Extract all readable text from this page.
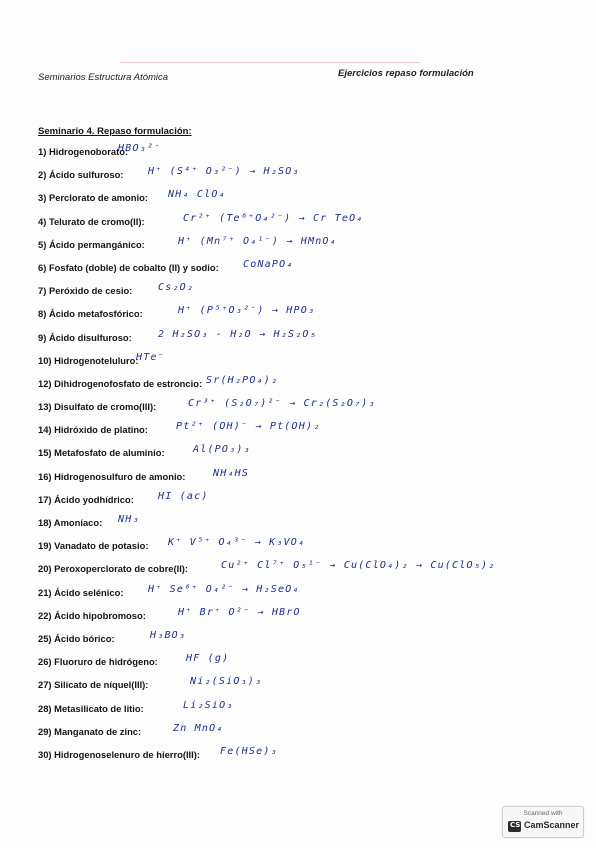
Seminarios Estructura Atómica	Ejercicios repaso formulación
Seminario 4. Repaso formulación:
1) Hidrogenoborato:
HBO₃²⁻
2) Ácido sulfuroso: H⁺ (S⁴⁺ O₃²⁻) → H₂SO₃
3) Perclorato de amonio: NH₄ ClO₄
4) Telurato de cromo(II):	Cr²⁺ (Te⁶⁺O₄²⁻) → Cr TeO₄
5) Ácido permangánico:	H⁺ (Mn⁷⁺ O₄¹⁻) → HMnO₄
6) Fosfato (doble) de cobalto (II) y sodio: CoNaPO₄
7) Peróxido de cesio:	Cs₂O₂
8) Ácido metafosfórico:	H⁺ (P⁵⁺O₃²⁻) → HPO₃
9) Ácido disulfuroso:	2 H₂SO₃ - H₂O → H₂S₂O₅
10) Hidrogenoteluluro:
HTe⁻
12) Dihidrogenofosfato de estroncio: Sr(H₂PO₄)₂
13) Disulfato de cromo(III):	Cr³⁺ (S₂O₇)²⁻ → Cr₂(S₂O₇)₃
14) Hidróxido de platino:	Pt²⁺ (OH)⁻ → Pt(OH)₂
15) Metafosfato de aluminio:	Al(PO₃)₃
16) Hidrogenosulfuro de amonio:	NH₄HS
17) Ácido yodhídrico: HI (ac)
18) Amoníaco: NH₃
19) Vanadato de potasio: K⁺ V⁵⁺ O₄³⁻ → K₃VO₄
20) Peroxoperclorato de cobre(II):	Cu²⁺ Cl⁷⁺ O₅¹⁻ → Cu(ClO₄)₂ → Cu(ClO₅)₂
21) Ácido selénico: H⁺ Se⁶⁺ O₄²⁻ → H₂SeO₄
22) Ácido hipobromoso:	H⁺ Br⁺ O²⁻ → HBrO
25) Ácido bórico:	H₃BO₃
26) Fluoruro de hidrógeno:	HF (g)
27) Silicato de níquel(III):	Ni₂(SiO₃)₃
28) Metasilicato de litio:	Li₂SiO₃
29) Manganato de zinc:	Zn MnO₄
30) Hidrogenoselenuro de hierro(III): Fe(HSe)₃
Scanned with
CS CamScanner
